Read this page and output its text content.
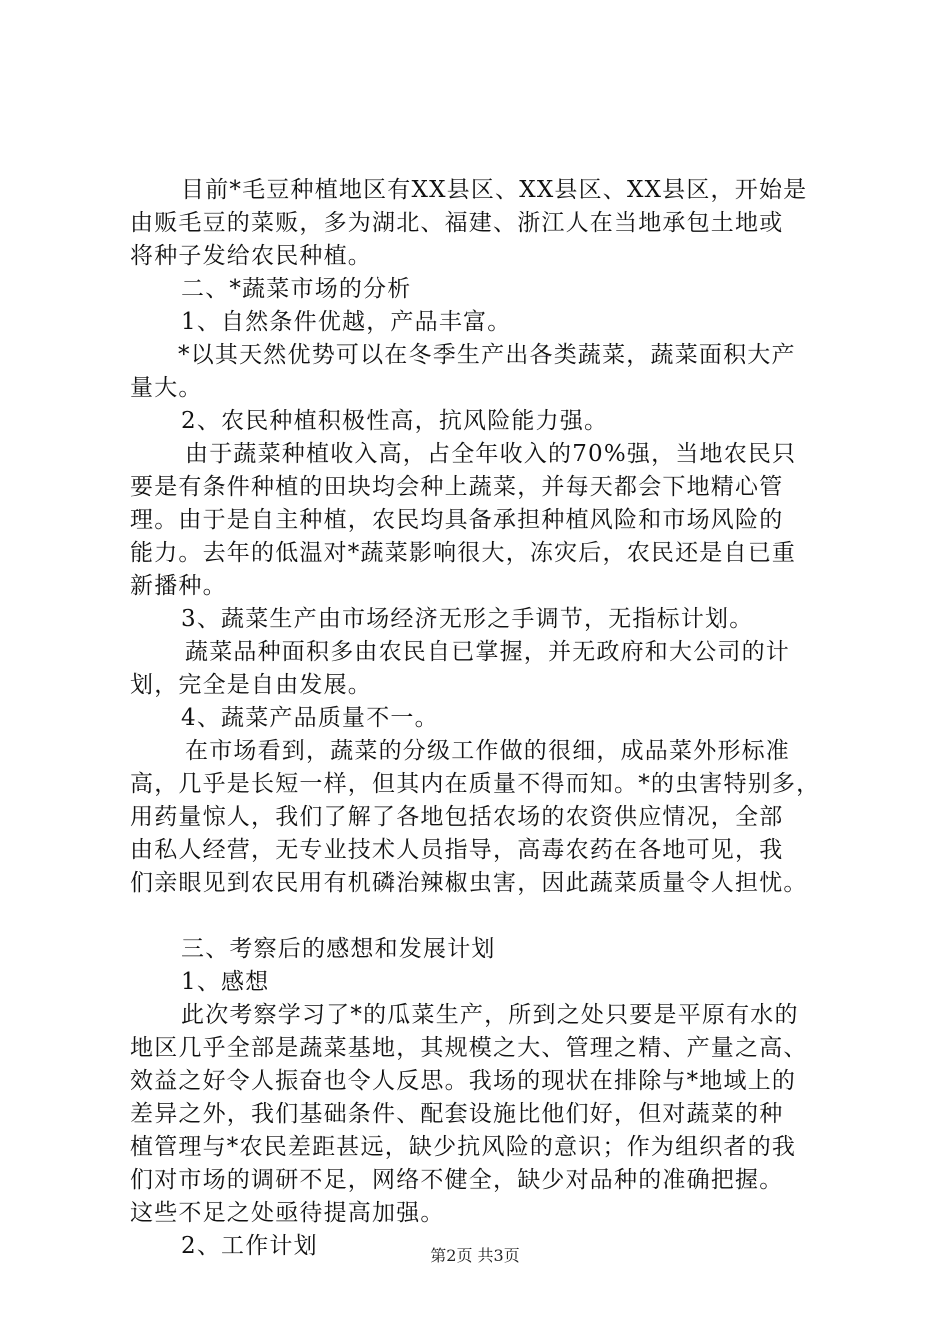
目前*毛豆种植地区有XX县区、XX县区、XX县区，开始是
由贩毛豆的菜贩，多为湖北、福建、浙江人在当地承包土地或
将种子发给农民种植。
二、*蔬菜市场的分析
1、自然条件优越，产品丰富。
*以其天然优势可以在冬季生产出各类蔬菜，蔬菜面积大产
量大。
2、农民种植积极性高，抗风险能力强。
由于蔬菜种植收入高，占全年收入的70%强，当地农民只
要是有条件种植的田块均会种上蔬菜，并每天都会下地精心管
理。由于是自主种植，农民均具备承担种植风险和市场风险的
能力。去年的低温对*蔬菜影响很大，冻灾后，农民还是自已重
新播种。
3、蔬菜生产由市场经济无形之手调节，无指标计划。
蔬菜品种面积多由农民自已掌握，并无政府和大公司的计
划，完全是自由发展。
4、蔬菜产品质量不一。
在市场看到，蔬菜的分级工作做的很细，成品菜外形标准
高，几乎是长短一样，但其内在质量不得而知。*的虫害特别多，
用药量惊人，我们了解了各地包括农场的农资供应情况，全部
由私人经营，无专业技术人员指导，高毒农药在各地可见，我
们亲眼见到农民用有机磷治辣椒虫害，因此蔬菜质量令人担忧。
三、考察后的感想和发展计划
1、感想
此次考察学习了*的瓜菜生产，所到之处只要是平原有水的
地区几乎全部是蔬菜基地，其规模之大、管理之精、产量之高、
效益之好令人振奋也令人反思。我场的现状在排除与*地域上的
差异之外，我们基础条件、配套设施比他们好，但对蔬菜的种
植管理与*农民差距甚远，缺少抗风险的意识；作为组织者的我
们对市场的调研不足，网络不健全，缺少对品种的准确把握。
这些不足之处亟待提高加强。
2、工作计划	第2页 共3页
